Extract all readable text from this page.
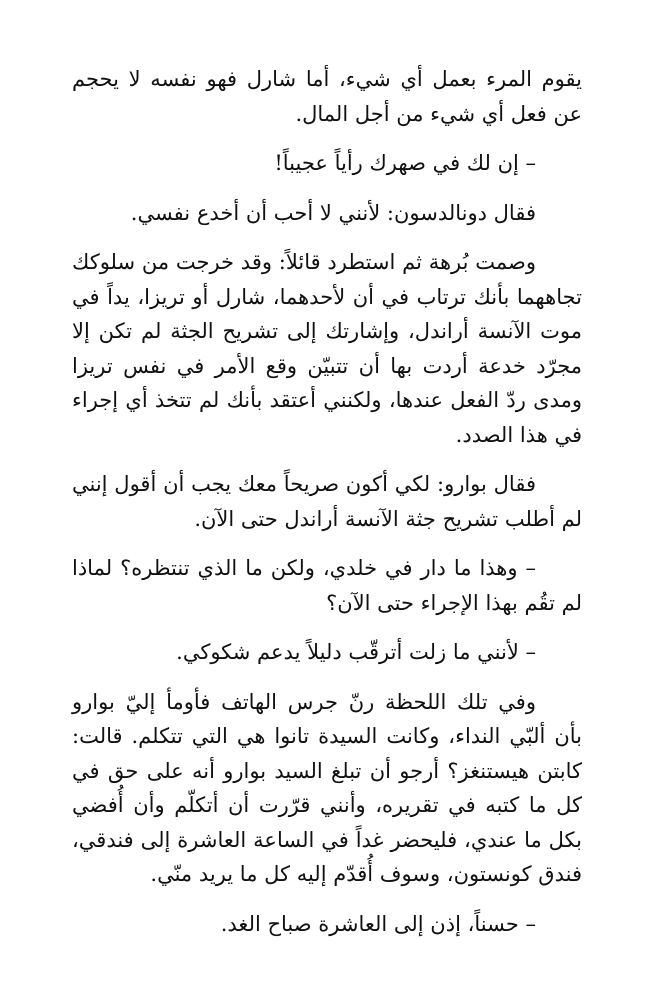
يقوم المرء بعمل أي شيء، أما شارل فهو نفسه لا يحجم عن فعل أي شيء من أجل المال.

– إن لك في صهرك رأياً عجيباً!

فقال دونالدسون: لأنني لا أحب أن أخدع نفسي.

وصمت بُرهة ثم استطرد قائلاً: وقد خرجت من سلوكك تجاههما بأنك ترتاب في أن لأحدهما، شارل أو تريزا، يداً في موت الآنسة أراندل، وإشارتك إلى تشريح الجثة لم تكن إلا مجرّد خدعة أردت بها أن تتبيّن وقع الأمر في نفس تريزا ومدى ردّ الفعل عندها، ولكنني أعتقد بأنك لم تتخذ أي إجراء في هذا الصدد.

فقال بوارو: لكي أكون صريحاً معك يجب أن أقول إنني لم أطلب تشريح جثة الآنسة أراندل حتى الآن.

– وهذا ما دار في خلدي، ولكن ما الذي تنتظره؟ لماذا لم تقُم بهذا الإجراء حتى الآن؟

– لأنني ما زلت أترقّب دليلاً يدعم شكوكي.

وفي تلك اللحظة رنّ جرس الهاتف فأومأ إليّ بوارو بأن ألبّي النداء، وكانت السيدة تانوا هي التي تتكلم. قالت: كابتن هيستنغز؟ أرجو أن تبلغ السيد بوارو أنه على حق في كل ما كتبه في تقريره، وأنني قرّرت أن أتكلّم وأن أُفضي بكل ما عندي، فليحضر غداً في الساعة العاشرة إلى فندقي، فندق كونستون، وسوف أُقدّم إليه كل ما يريد منّي.

– حسناً، إذن إلى العاشرة صباح الغد.
